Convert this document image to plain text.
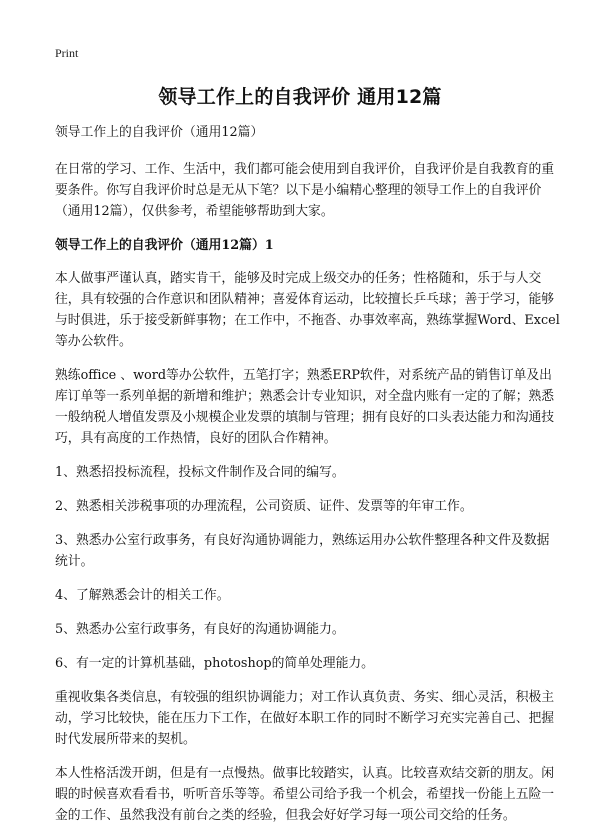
Print
领导工作上的自我评价 通用12篇

领导工作上的自我评价（通用12篇）

在日常的学习、工作、生活中，我们都可能会使用到自我评价，自我评价是自我教育的重要条件。你写自我评价时总是无从下笔？以下是小编精心整理的领导工作上的自我评价（通用12篇），仅供参考，希望能够帮助到大家。

领导工作上的自我评价（通用12篇）1

本人做事严谨认真，踏实肯干，能够及时完成上级交办的任务；性格随和，乐于与人交往，具有较强的合作意识和团队精神；喜爱体育运动，比较擅长乒乓球；善于学习，能够与时俱进，乐于接受新鲜事物；在工作中，不拖沓、办事效率高，熟练掌握Word、Excel等办公软件。

熟练office 、word等办公软件，五笔打字；熟悉ERP软件，对系统产品的销售订单及出库订单等一系列单据的新增和维护；熟悉会计专业知识，对全盘内账有一定的了解；熟悉一般纳税人增值发票及小规模企业发票的填制与管理；拥有良好的口头表达能力和沟通技巧，具有高度的工作热情，良好的团队合作精神。

1、熟悉招投标流程，投标文件制作及合同的编写。

2、熟悉相关涉税事项的办理流程，公司资质、证件、发票等的年审工作。

3、熟悉办公室行政事务，有良好沟通协调能力，熟练运用办公软件整理各种文件及数据统计。

4、了解熟悉会计的相关工作。

5、熟悉办公室行政事务，有良好的沟通协调能力。

6、有一定的计算机基础，photoshop的简单处理能力。

重视收集各类信息，有较强的组织协调能力；对工作认真负责、务实、细心灵活，积极主动，学习比较快，能在压力下工作，在做好本职工作的同时不断学习充实完善自己、把握时代发展所带来的契机。

本人性格活泼开朗，但是有一点慢热。做事比较踏实，认真。比较喜欢结交新的朋友。闲暇的时候喜欢看看书，听听音乐等等。希望公司给予我一个机会，希望找一份能上五险一金的工作、虽然我没有前台之类的经验，但我会好好学习每一项公司交给的任务。
